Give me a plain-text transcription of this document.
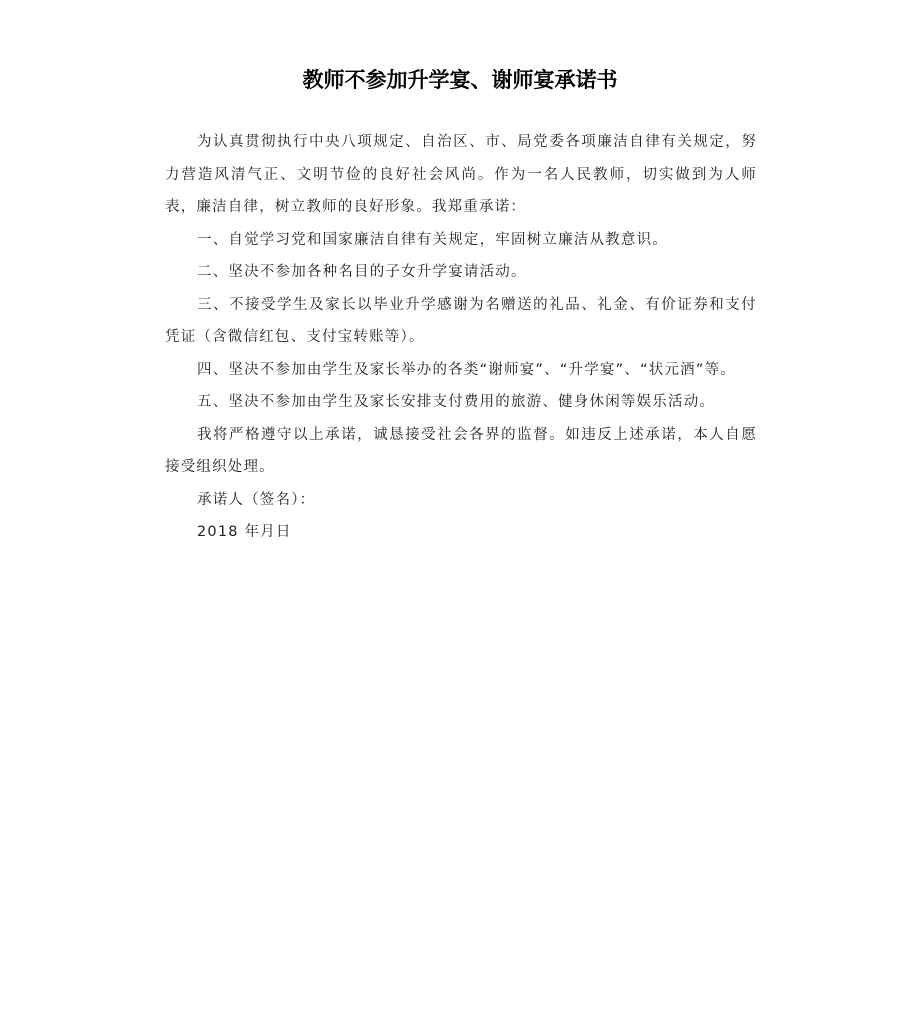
教师不参加升学宴、谢师宴承诺书

为认真贯彻执行中央八项规定、自治区、市、局党委各项廉洁自律有关规定，努力营造风清气正、文明节俭的良好社会风尚。作为一名人民教师，切实做到为人师表，廉洁自律，树立教师的良好形象。我郑重承诺：

一、自觉学习党和国家廉洁自律有关规定，牢固树立廉洁从教意识。

二、坚决不参加各种名目的子女升学宴请活动。

三、不接受学生及家长以毕业升学感谢为名赠送的礼品、礼金、有价证券和支付凭证（含微信红包、支付宝转账等）。

四、坚决不参加由学生及家长举办的各类“谢师宴”、“升学宴”、“状元酒”等。

五、坚决不参加由学生及家长安排支付费用的旅游、健身休闲等娱乐活动。

我将严格遵守以上承诺，诚恳接受社会各界的监督。如违反上述承诺，本人自愿接受组织处理。

承诺人（签名）：

2018 年月日
